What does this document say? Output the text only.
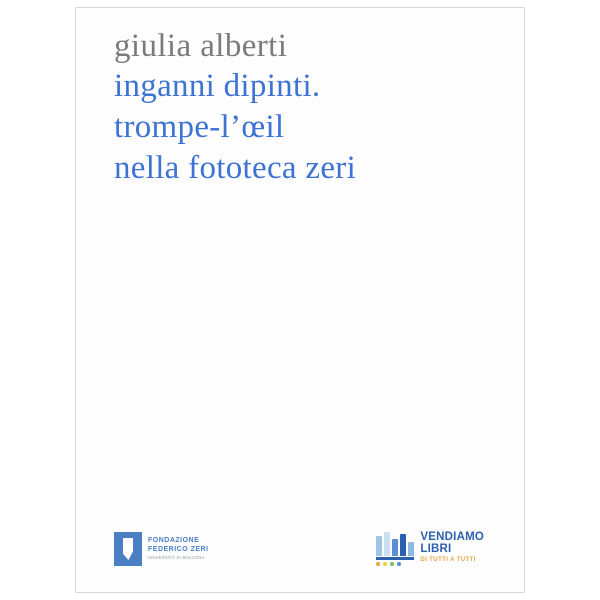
giulia alberti
inganni dipinti.
trompe-l’œil
nella fototeca zeri
FONDAZIONE
FEDERICO ZERI
UNIVERSITÀ DI BOLOGNA
VENDIAMO
LIBRI
DI TUTTI A TUTTI
